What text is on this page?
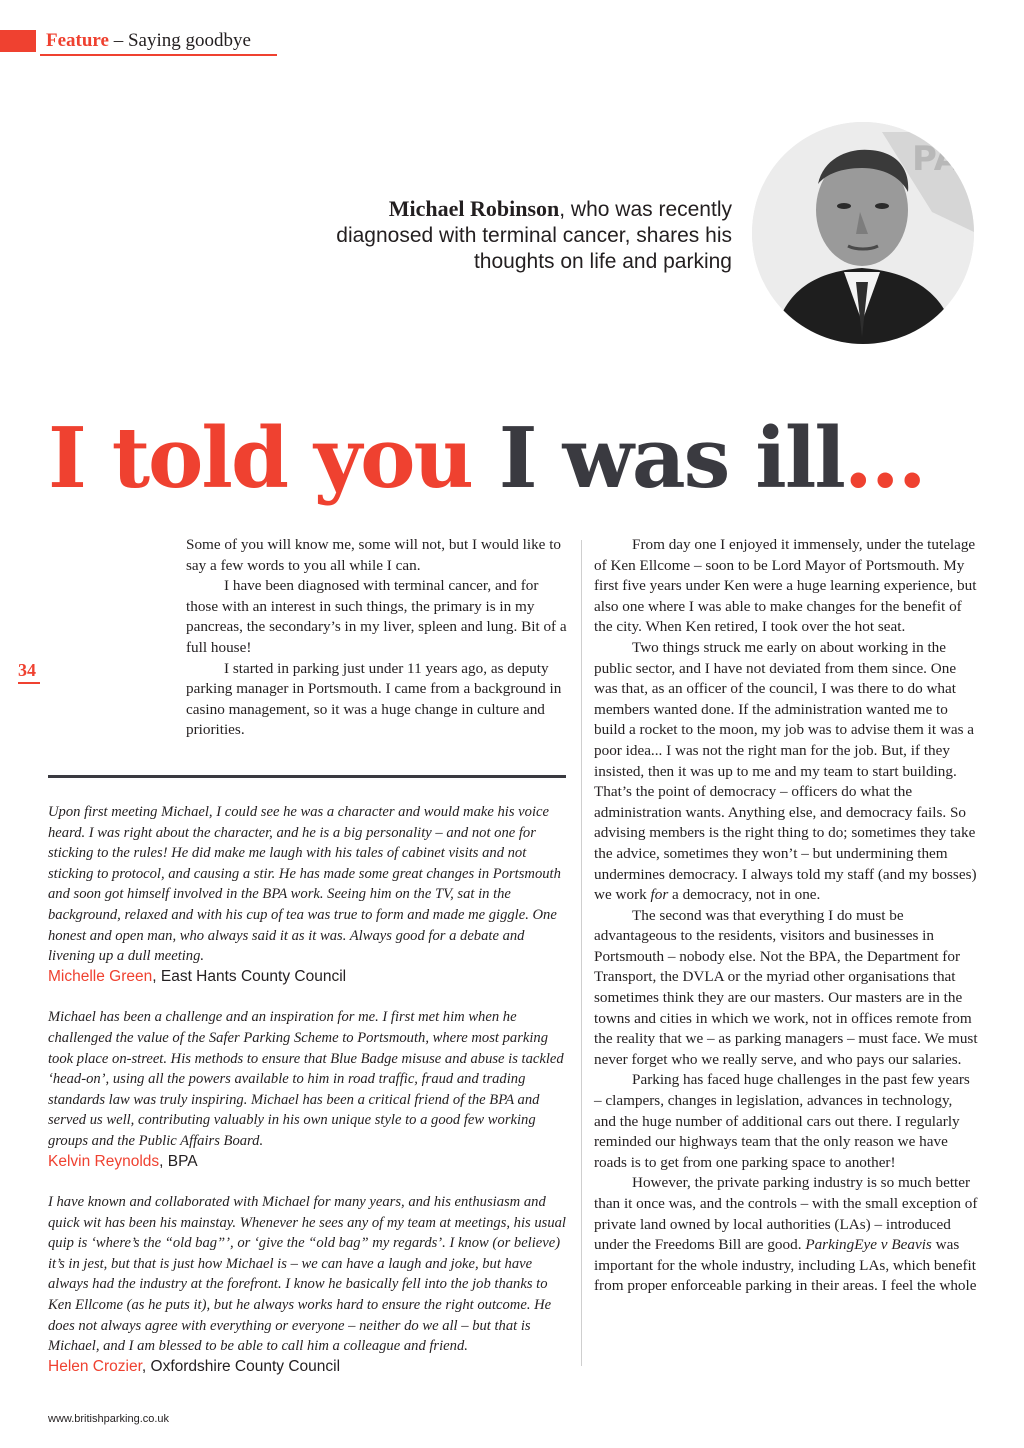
Feature – Saying goodbye
Michael Robinson, who was recently diagnosed with terminal cancer, shares his thoughts on life and parking
PA
I told you I was ill...
34

Some of you will know me, some will not, but I would like to say a few words to you all while I can.

I have been diagnosed with terminal cancer, and for those with an interest in such things, the primary is in my pancreas, the secondary’s in my liver, spleen and lung. Bit of a full house!

I started in parking just under 11 years ago, as deputy parking manager in Portsmouth. I came from a background in casino management, so it was a huge change in culture and priorities.

From day one I enjoyed it immensely, under the tutelage of Ken Ellcome – soon to be Lord Mayor of Portsmouth. My first five years under Ken were a huge learning experience, but also one where I was able to make changes for the benefit of the city. When Ken retired, I took over the hot seat.

Two things struck me early on about working in the public sector, and I have not deviated from them since. One was that, as an officer of the council, I was there to do what members wanted done. If the administration wanted me to build a rocket to the moon, my job was to advise them it was a poor idea... I was not the right man for the job. But, if they insisted, then it was up to me and my team to start building. That’s the point of democracy – officers do what the administration wants. Anything else, and democracy fails. So advising members is the right thing to do; sometimes they take the advice, sometimes they won’t – but undermining them undermines democracy. I always told my staff (and my bosses) we work for a democracy, not in one.

The second was that everything I do must be advantageous to the residents, visitors and businesses in Portsmouth – nobody else. Not the BPA, the Department for Transport, the DVLA or the myriad other organisations that sometimes think they are our masters. Our masters are in the towns and cities in which we work, not in offices remote from the reality that we – as parking managers – must face. We must never forget who we really serve, and who pays our salaries.

Parking has faced huge challenges in the past few years – clampers, changes in legislation, advances in technology, and the huge number of additional cars out there. I regularly reminded our highways team that the only reason we have roads is to get from one parking space to another!

However, the private parking industry is so much better than it once was, and the controls – with the small exception of private land owned by local authorities (LAs) – introduced under the Freedoms Bill are good. ParkingEye v Beavis was important for the whole industry, including LAs, which benefit from proper enforceable parking in their areas. I feel the whole

Upon first meeting Michael, I could see he was a character and would make his voice heard. I was right about the character, and he is a big personality – and not one for sticking to the rules! He did make me laugh with his tales of cabinet visits and not sticking to protocol, and causing a stir. He has made some great changes in Portsmouth and soon got himself involved in the BPA work. Seeing him on the TV, sat in the background, relaxed and with his cup of tea was true to form and made me giggle. One honest and open man, who always said it as it was. Always good for a debate and livening up a dull meeting.
Michelle Green, East Hants County Council
Michael has been a challenge and an inspiration for me. I first met him when he challenged the value of the Safer Parking Scheme to Portsmouth, where most parking took place on-street. His methods to ensure that Blue Badge misuse and abuse is tackled ‘head-on’, using all the powers available to him in road traffic, fraud and trading standards law was truly inspiring. Michael has been a critical friend of the BPA and served us well, contributing valuably in his own unique style to a good few working groups and the Public Affairs Board.
Kelvin Reynolds, BPA
I have known and collaborated with Michael for many years, and his enthusiasm and quick wit has been his mainstay. Whenever he sees any of my team at meetings, his usual quip is ‘where’s the “old bag”’, or ‘give the “old bag” my regards’. I know (or believe) it’s in jest, but that is just how Michael is – we can have a laugh and joke, but have always had the industry at the forefront. I know he basically fell into the job thanks to Ken Ellcome (as he puts it), but he always works hard to ensure the right outcome. He does not always agree with everything or everyone – neither do we all – but that is Michael, and I am blessed to be able to call him a colleague and friend.
Helen Crozier, Oxfordshire County Council
www.britishparking.co.uk
